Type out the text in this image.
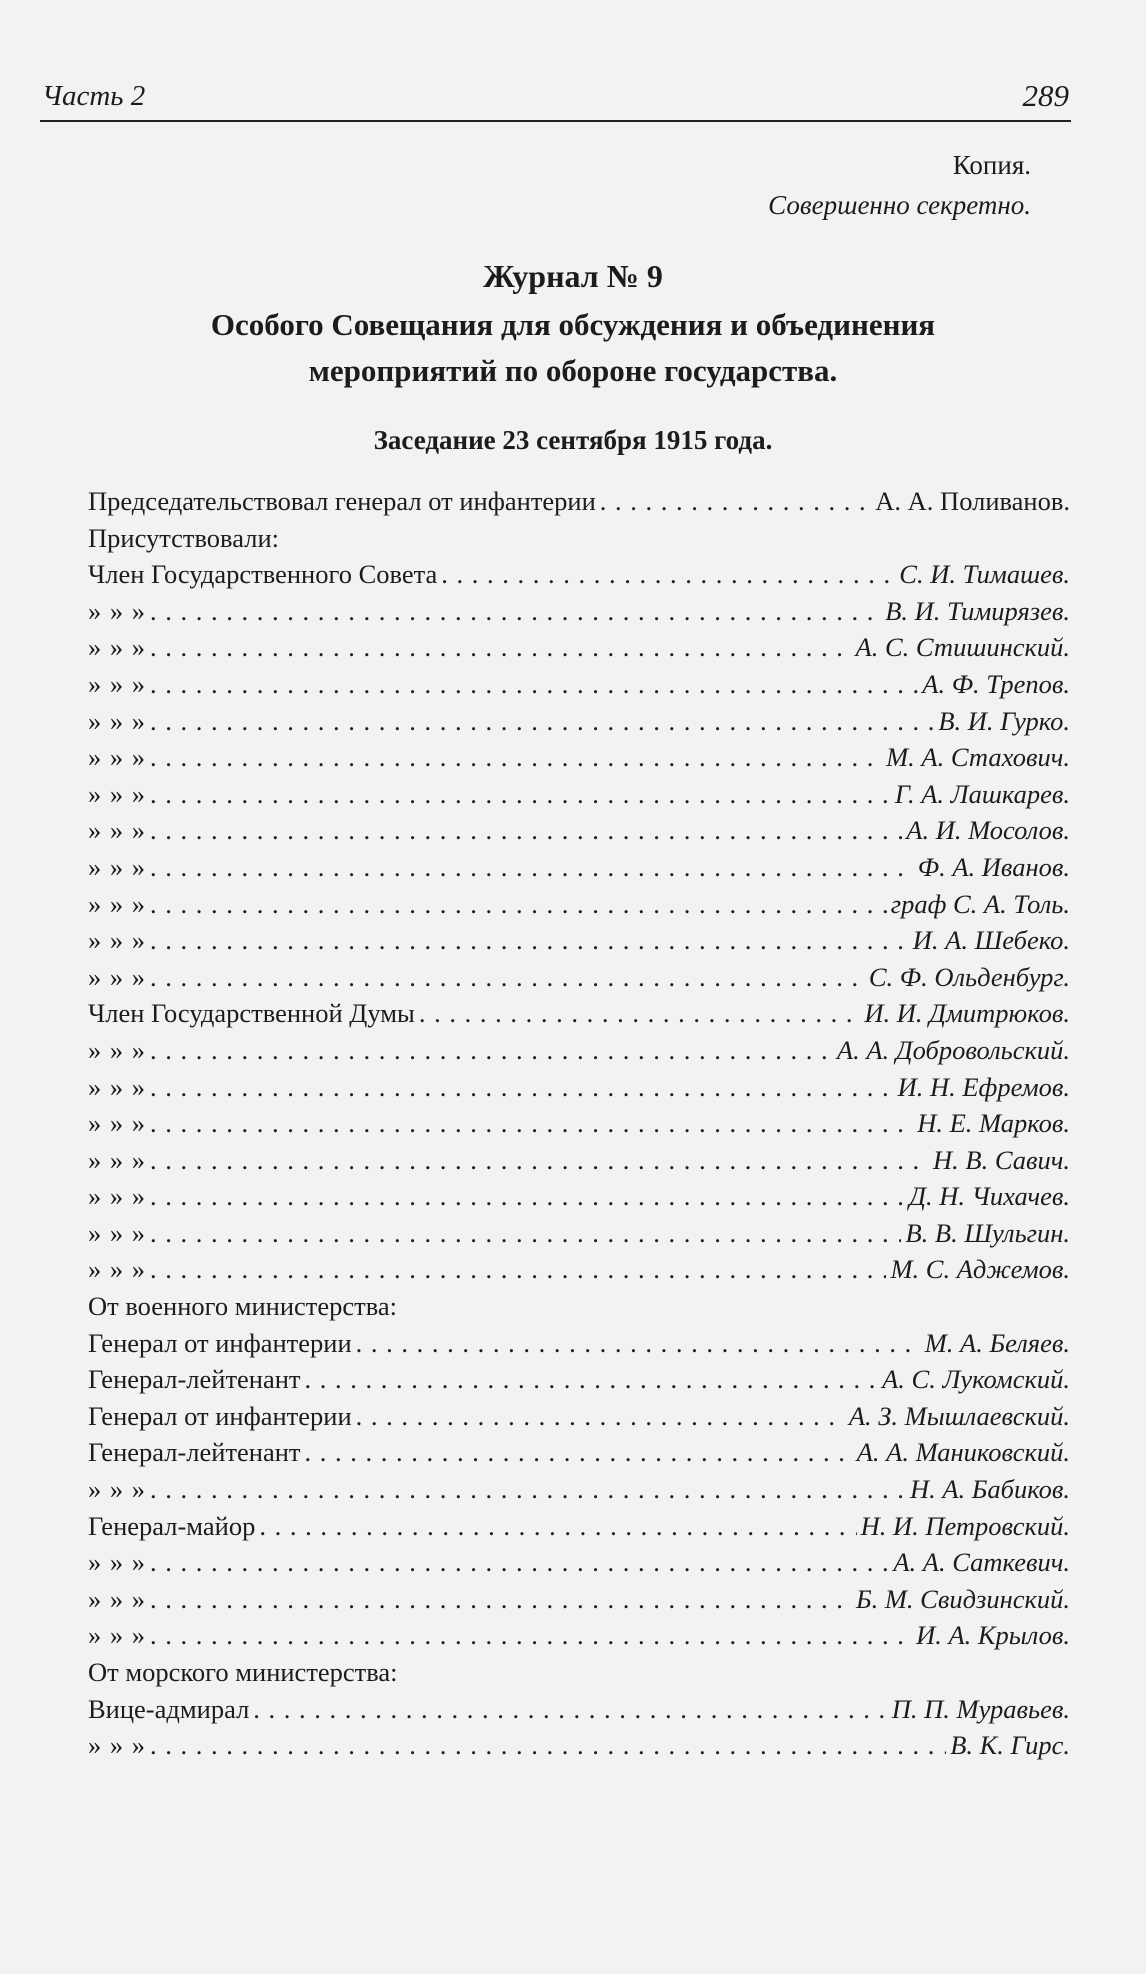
Часть 2	289
Копия.
Совершенно секретно.
Журнал № 9
Особого Совещания для обсуждения и объединения
мероприятий по обороне государства.
Заседание 23 сентября 1915 года.
Председательствовал генерал от инфантерии . . .	А. А. Поливанов.
Присутствовали:
Член Государственного Совета . . .	С. И. Тимашев.
» » » . . .	В. И. Тимирязев.
» » » . . .	А. С. Стишинский.
» » » . . .	А. Ф. Трепов.
» » » . . .	В. И. Гурко.
» » » . . .	М. А. Стахович.
» » » . . .	Г. А. Лашкарев.
» » » . . .	А. И. Мосолов.
» » » . . .	Ф. А. Иванов.
» » » . . .	граф С. А. Толь.
» » » . . .	И. А. Шебеко.
» » » . . .	С. Ф. Ольденбург.
Член Государственной Думы . . .	И. И. Дмитрюков.
» » » . . .	А. А. Добровольский.
» » » . . .	И. Н. Ефремов.
» » » . . .	Н. Е. Марков.
» » » . . .	Н. В. Савич.
» » » . . .	Д. Н. Чихачев.
» » » . . .	В. В. Шульгин.
» » » . . .	М. С. Аджемов.
От военного министерства:
Генерал от инфантерии . . .	М. А. Беляев.
Генерал-лейтенант . . .	А. С. Лукомский.
Генерал от инфантерии . . .	А. З. Мышлаевский.
Генерал-лейтенант . . .	А. А. Маниковский.
» » » . . .	Н. А. Бабиков.
Генерал-майор . . .	Н. И. Петровский.
» » » . . .	А. А. Саткевич.
» » » . . .	Б. М. Свидзинский.
» » » . . .	И. А. Крылов.
От морского министерства:
Вице-адмирал . . .	П. П. Муравьев.
» » » . . .	В. К. Гирс.
